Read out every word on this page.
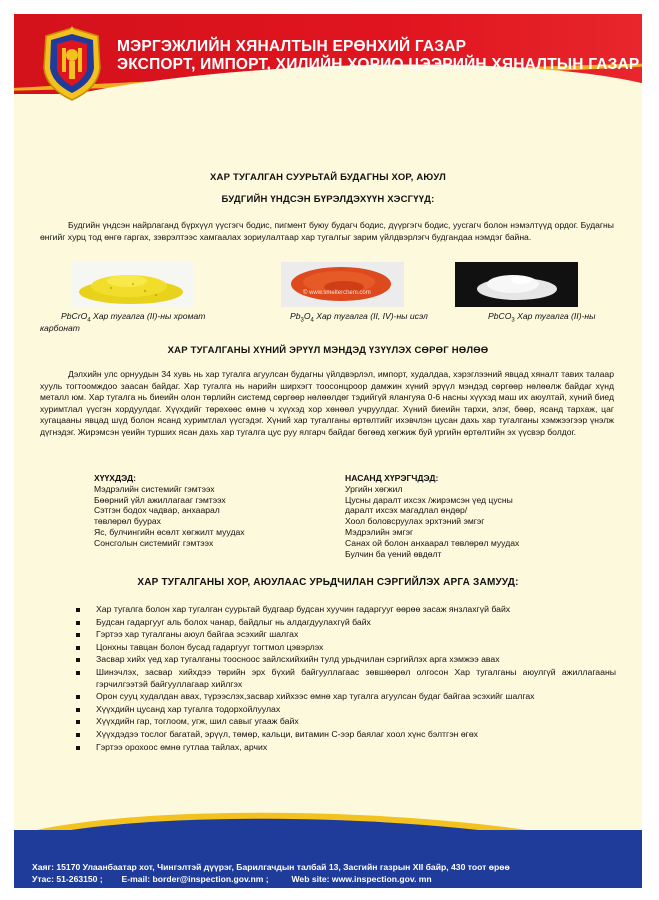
МЭРГЭЖЛИЙН ХЯНАЛТЫН ЕРӨНХИЙ ГАЗАР
ЭКСПОРТ, ИМПОРТ, ХИЛИЙН ХОРИО ЦЭЭРИЙН ХЯНАЛТЫН ГАЗАР
ХАР ТУГАЛГАН СУУРЬТАЙ БУДАГНЫ ХОР, АЮУЛ
БУДГИЙН ҮНДСЭН БҮРЭЛДЭХҮҮН ХЭСГҮҮД:
Будгийн үндсэн найрлаганд бүрхүүл үүсгэгч бодис, пигмент буюу будагч бодис, дүүргэгч бодис, уусгагч болон нэмэлтүүд ордог. Будагны өнгийг хурц тод өнгө гаргах, зэврэлтээс хамгаалах зориулалтаар хар тугалгыг зарим үйлдвэрлэгч будгандаа нэмдэг байна.
© www.smelterchem.com
PbCrO$_4$ Хар тугалга (II)-ны хромат	$Pb_3O_4$ Хар тугалга (II, IV)-ны исэл	PbCO$_3$ Хар тугалга (II)-ны
карбонат
ХАР ТУГАЛГАНЫ ХҮНИЙ ЭРҮҮЛ МЭНДЭД ҮЗҮҮЛЭХ СӨРӨГ НӨЛӨӨ
Дэлхийн улс орнуудын 34 хувь нь хар тугалга агуулсан будагны үйлдвэрлэл, импорт, худалдаа, хэрэглээний явцад хяналт тавих талаар хууль тогтоомждоо заасан байдаг. Хар тугалга нь нарийн ширхэгт тоосонцроор дамжин хүний эрүүл мэндэд сөргөөр нөлөөлж байдаг хүнд металл юм. Хар тугалга нь биеийн олон төрлийн системд сөргөөр нөлөөлдөг тэдийгүй ялангуяа 0-6 насны хүүхэд маш их аюултай, хүний биед хуримтлал үүсгэн хордуулдаг. Хүүхдийг төрөхөөс өмнө ч хүүхэд хор хөнөөл учруулдаг. Хүний биеийн тархи, элэг, бөөр, ясанд тархаж, цаг хугацааны явцад шүд болон ясанд хуримтлал үүсгэдэг. Хүний хар тугалганы өртөлтийг ихэвчлэн цусан дахь хар тугалганы хэмжээгээр үнэлж дүгнэдэг. Жирэмсэн үеийн турших ясан дахь хар тугалга цус руу ялгарч байдаг бөгөөд хөгжиж буй ургийн өртөлтийн эх үүсвэр болдог.
ХҮҮХДЭД:
Мэдрэлийн системийг гэмтээх
Бөөрний үйл ажиллагааг гэмтээх
Сэтгэн бодох чадвар, анхаарал
төвлөрөл буурах
Яс, булчингийн өсөлт хөгжилт муудах
Сонсголын системийг гэмтээх
НАСАНД ХҮРЭГЧДЭД:
Ургийн хөгжил
Цусны даралт ихсэх /жирэмсэн үед цусны
даралт ихсэх магадлал өндөр/
Хоол боловсруулах эрхтэний эмгэг
Мэдрэлийн эмгэг
Санах ой болон анхаарал төвлөрөл муудах
Булчин ба үений өвдөлт
ХАР ТУГАЛГАНЫ ХОР, АЮУЛААС УРЬДЧИЛАН СЭРГИЙЛЭХ АРГА ЗАМУУД:
Хар тугалга болон хар тугалган суурьтай будгаар будсан хуучин гадаргууг өөрөө засаж янзлахгүй байх
Будсан гадаргууг аль болох чанар, байдлыг нь алдагдуулахгүй байх
Гэртээ хар тугалганы аюул байгаа эсэхийг шалгах
Цонхны тавцан болон бусад гадаргууг тогтмол цэвэрлэх
Засвар хийх үед хар тугалганы тоосноос зайлсхийхийн тулд урьдчилан сэргийлэх арга хэмжээ авах
Шинэчлэх, засвар хийхдээ төрийн эрх бүхий байгууллагаас зөвшөөрөл олгосон Хар тугалганы аюулгүй ажиллагааны гэрчилгээтэй байгууллагаар хийлгэх
Орон сууц худалдан авах, түрээслэх,засвар хийхээс өмнө хар тугалга агуулсан будаг байгаа эсэхийг шалгах
Хүүхдийн цусанд хар тугалга тодорхойлуулах
Хүүхдийн гар, тоглоом, угж, шил савыг угааж байх
Хүүхдэдээ тослог багатай, эрүүл, төмөр, кальци, витамин С-ээр баялаг хоол хүнс бэлтгэн өгөх
Гэртээ орохоос өмнө гутлаа тайлах, арчих
Хаяг: 15170 Улаанбаатар хот, Чингэлтэй дүүрэг, Барилгачдын талбай 13, Засгийн газрын XII байр, 430 тоот өрөө
Утас: 51-263150 ; E-mail: border@inspection.gov.nm ;	Web site: www.inspection.gov. mn
